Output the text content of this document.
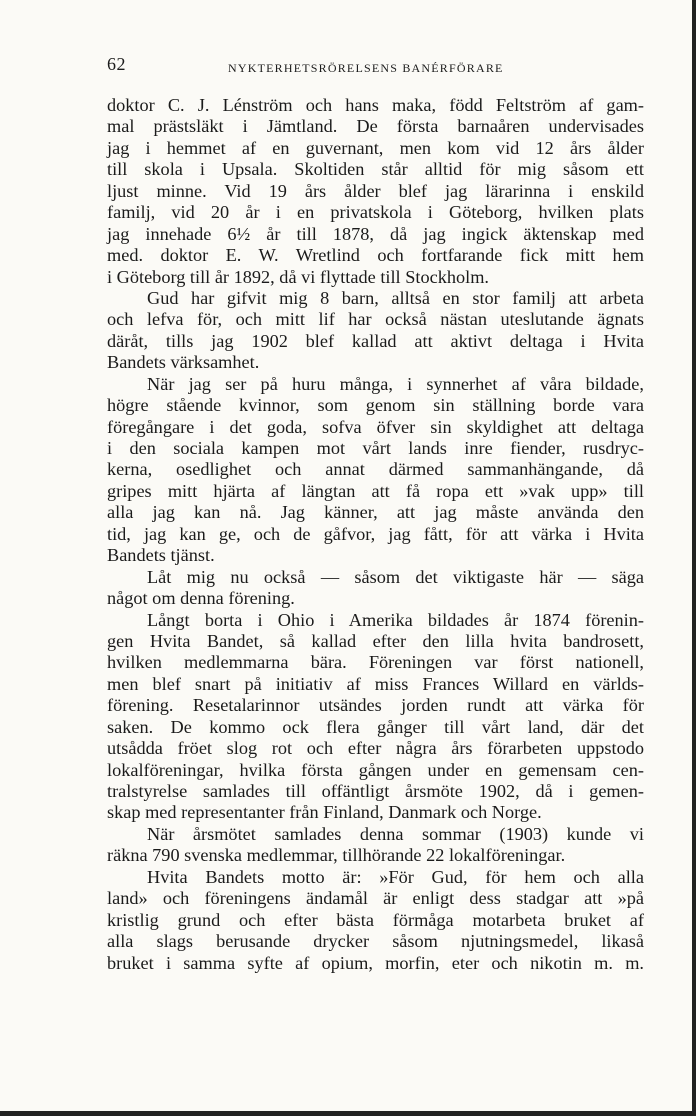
62	NYKTERHETSRÖRELSENS BANÉRFÖRARE
doktor C. J. Lénström och hans maka, född Feltström af gam-
mal prästsläkt i Jämtland. De första barnaåren undervisades
jag i hemmet af en guvernant, men kom vid 12 års ålder
till skola i Upsala. Skoltiden står alltid för mig såsom ett
ljust minne. Vid 19 års ålder blef jag lärarinna i enskild
familj, vid 20 år i en privatskola i Göteborg, hvilken plats
jag innehade 6½ år till 1878, då jag ingick äktenskap med
med. doktor E. W. Wretlind och fortfarande fick mitt hem
i Göteborg till år 1892, då vi flyttade till Stockholm.
Gud har gifvit mig 8 barn, alltså en stor familj att arbeta
och lefva för, och mitt lif har också nästan uteslutande ägnats
däråt, tills jag 1902 blef kallad att aktivt deltaga i Hvita
Bandets värksamhet.
När jag ser på huru många, i synnerhet af våra bildade,
högre stående kvinnor, som genom sin ställning borde vara
föregångare i det goda, sofva öfver sin skyldighet att deltaga
i den sociala kampen mot vårt lands inre fiender, rusdryc-
kerna, osedlighet och annat därmed sammanhängande, då
gripes mitt hjärta af längtan att få ropa ett »vak upp» till
alla jag kan nå. Jag känner, att jag måste använda den
tid, jag kan ge, och de gåfvor, jag fått, för att värka i Hvita
Bandets tjänst.
Låt mig nu också — såsom det viktigaste här — säga
något om denna förening.
Långt borta i Ohio i Amerika bildades år 1874 förenin-
gen Hvita Bandet, så kallad efter den lilla hvita bandrosett,
hvilken medlemmarna bära. Föreningen var först nationell,
men blef snart på initiativ af miss Frances Willard en världs-
förening. Resetalarinnor utsändes jorden rundt att värka för
saken. De kommo ock flera gånger till vårt land, där det
utsådda fröet slog rot och efter några års förarbeten uppstodo
lokalföreningar, hvilka första gången under en gemensam cen-
tralstyrelse samlades till offäntligt årsmöte 1902, då i gemen-
skap med representanter från Finland, Danmark och Norge.
När årsmötet samlades denna sommar (1903) kunde vi
räkna 790 svenska medlemmar, tillhörande 22 lokalföreningar.
Hvita Bandets motto är: »För Gud, för hem och alla
land» och föreningens ändamål är enligt dess stadgar att »på
kristlig grund och efter bästa förmåga motarbeta bruket af
alla slags berusande drycker såsom njutningsmedel, likaså
bruket i samma syfte af opium, morfin, eter och nikotin m. m.
